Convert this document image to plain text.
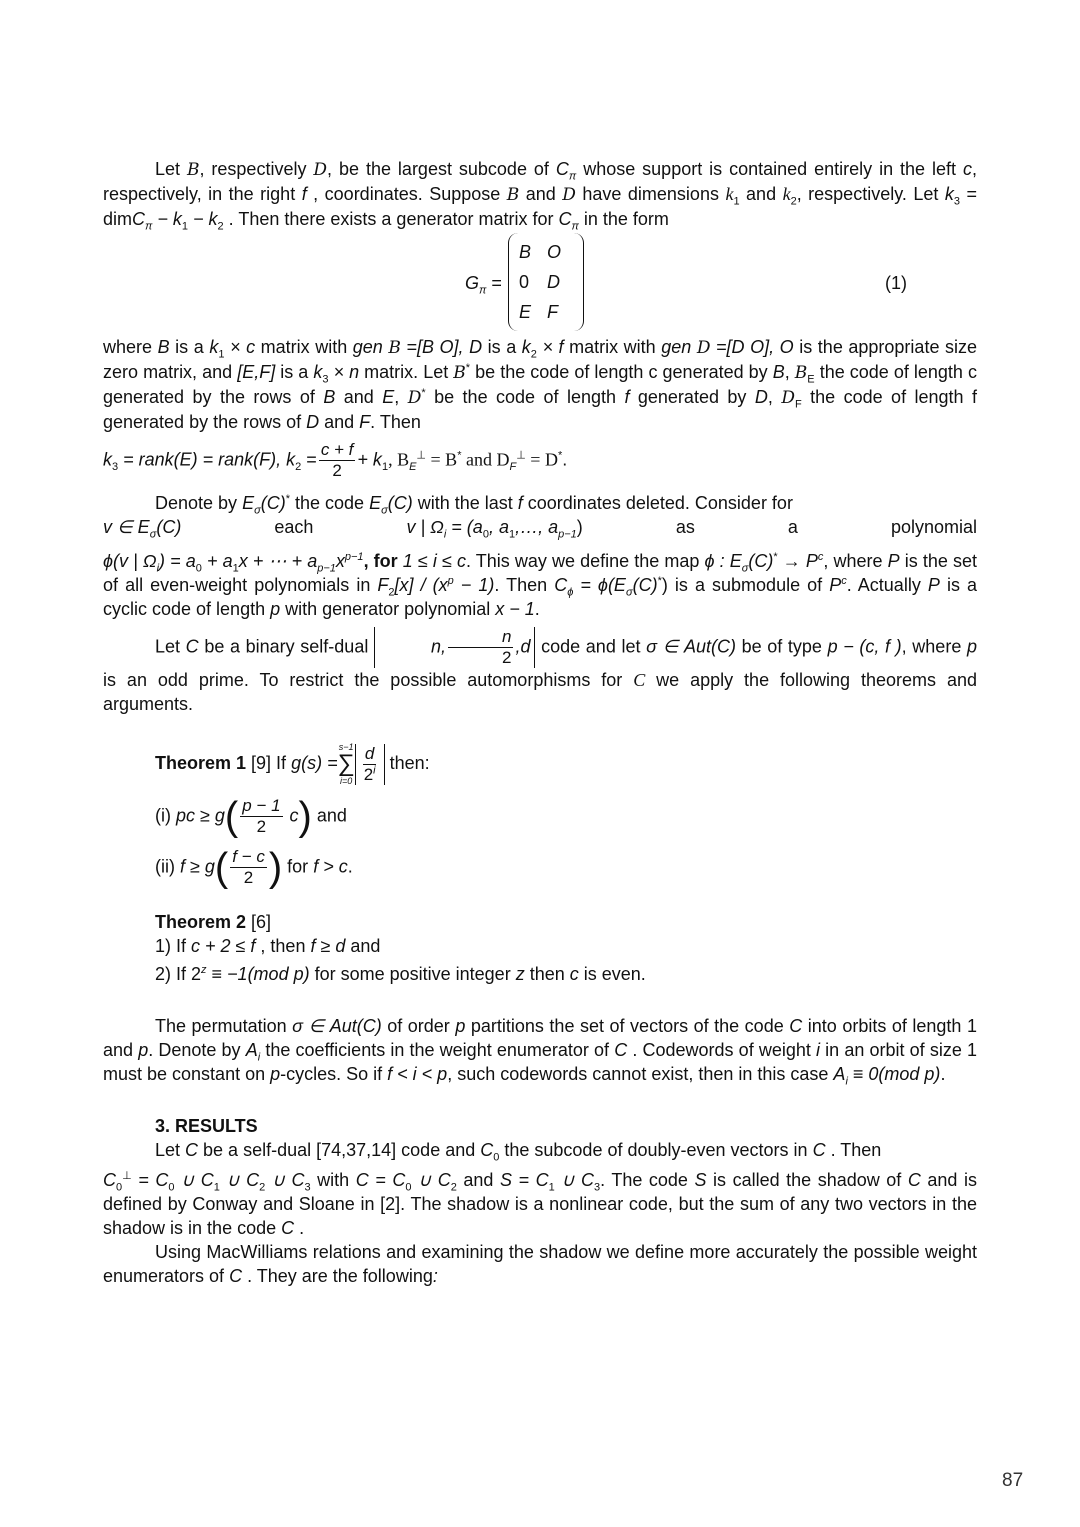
Let B, respectively D, be the largest subcode of $C_\pi$ whose support is contained entirely in the left c, respectively, in the right f , coordinates. Suppose B and D have dimensions $k_1$ and $k_2$, respectively. Let $k_3$ = dimC$_\pi$ − $k_1 - k_2$ . Then there exists a generator matrix for $C_\pi$ in the form

$G_\pi$ =
B	O
0	D
E	F
(1)

where B is a $k_1 \times c$ matrix with gen B =[B O], D is a $k_2 \times f$ matrix with gen D =[D O], O is the appropriate size zero matrix, and [E,F] is a $k_3 \times n$ matrix. Let B* be the code of length c generated by B, $B_E$ the code of length c generated by the rows of B and E, D* be the code of length f generated by D, $D_F$ the code of length f generated by the rows of D and F. Then

$k_3$ = rank(E) = rank(F), $k_2 = \frac{c + f}{2} + k_1$, $B_E^\perp = B^*$ and $D_F^\perp = D^*$.

Denote by $E_\sigma(C)^*$ the code $E_\sigma(C)$ with the last f coordinates deleted. Consider for

v ∈ $E_\sigma(C)$	each	v | $\Omega_i = (a_0$, $a_1,\dots$, $a_{p-1}$)	as	a	polynomial

ϕ(v | $\Omega_i) = a_0 + a_1x$ + ⋯ + $a_{p-1}x^{p-1}$, for 1 ≤ i ≤ c. This way we define the map ϕ : $E_\sigma(C)^* \to P^c$, where P is the set of all even-weight polynomials in $F_2[x] / (x^p - 1)$. Then $C_\phi = \phi(E_\sigma(C)^*)$ is a submodule of $P^c$. Actually P is a cyclic code of length p with generator polynomial x − 1.

Let C be a binary self-dual	n, $\frac{n}{2} ,d$ code and let σ ∈ Aut(C) be of type p − (c, f ), where p is an odd prime. To restrict the possible automorphisms for C we apply the following theorems and arguments.

Theorem 1 [9] If g(s) =
s−1
∑
$i=0 \frac{d}{2^i}$ then:

(i) pc ≥ $g( \frac{p - 1}{2} c)$ and

(ii) $f \ge g( \frac{f - c}{2}$ ) for f > c.

Theorem 2 [6]

1) If c + 2 ≤ f , then f ≥ d and

2) If $2^z \equiv -1(mod$ p) for some positive integer z then c is even.

The permutation σ ∈ Aut(C) of order p partitions the set of vectors of the code C into orbits of length 1 and p. Denote by $A_i$ the coefficients in the weight enumerator of C . Codewords of weight i in an orbit of size 1 must be constant on p-cycles. So if f < i < p, such codewords cannot exist, then in this case $A_i \equiv 0(mod$ p).

3. RESULTS

Let C be a self-dual [74,37,14] code and $C_0$ the subcode of doubly-even vectors in C . Then

$C_0^\perp = C_0$ ∪ $C_1$ ∪ $C_2$ ∪ $C_3$ with $C = C_0$ ∪ $C_2$ and $S = C_1$ ∪ $C_3$. The code S is called the shadow of C and is defined by Conway and Sloane in [2]. The shadow is a nonlinear code, but the sum of any two vectors in the shadow is in the code C .

Using MacWilliams relations and examining the shadow we define more accurately the possible weight enumerators of C . They are the following:

87
